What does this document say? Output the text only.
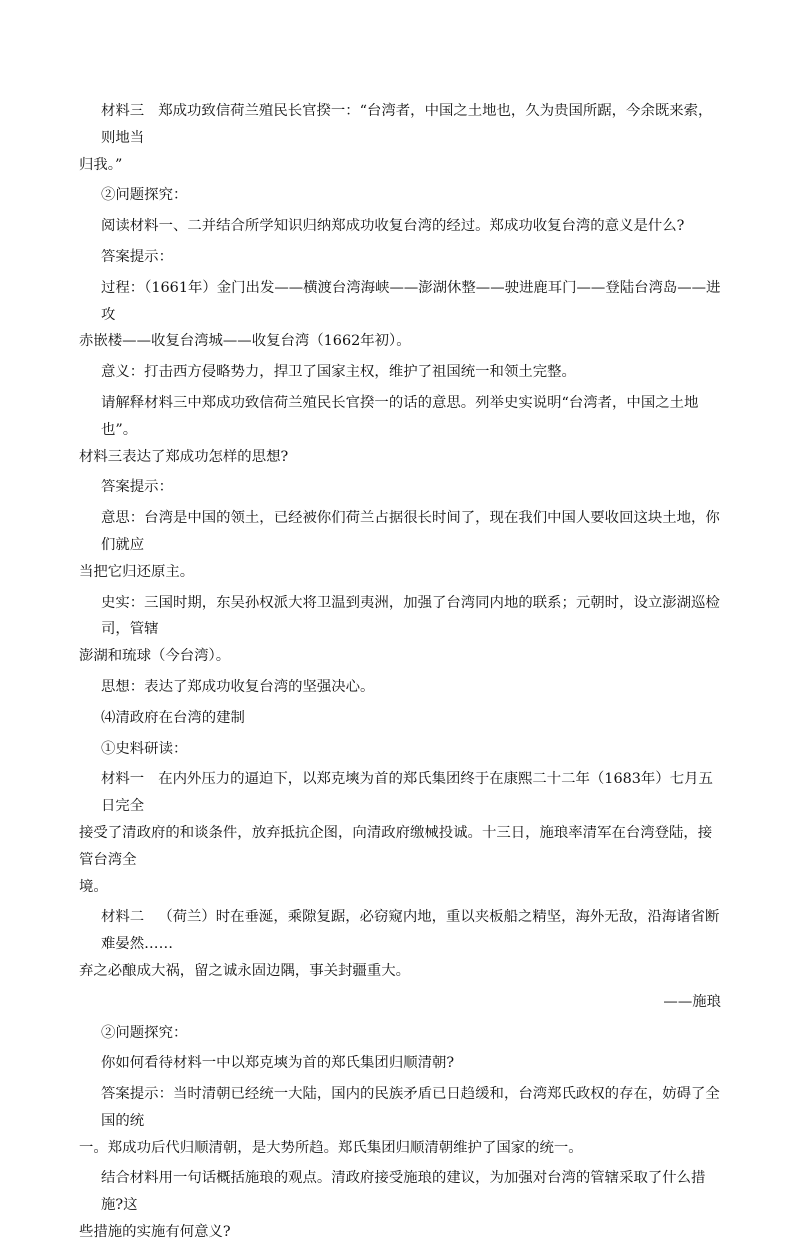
材料三 郑成功致信荷兰殖民长官揆一：“台湾者，中国之土地也，久为贵国所踞，今余既来索，则地当

归我。”

②问题探究：

阅读材料一、二并结合所学知识归纳郑成功收复台湾的经过。郑成功收复台湾的意义是什么?

答案提示：

过程：（1661年）金门出发——横渡台湾海峡——澎湖休整——驶进鹿耳门——登陆台湾岛——进攻

赤嵌楼——收复台湾城——收复台湾（1662年初）。

意义：打击西方侵略势力，捍卫了国家主权，维护了祖国统一和领土完整。

请解释材料三中郑成功致信荷兰殖民长官揆一的话的意思。列举史实说明“台湾者，中国之土地也”。

材料三表达了郑成功怎样的思想?

答案提示：

意思：台湾是中国的领土，已经被你们荷兰占据很长时间了，现在我们中国人要收回这块土地，你们就应

当把它归还原主。

史实：三国时期，东吴孙权派大将卫温到夷洲，加强了台湾同内地的联系；元朝时，设立澎湖巡检司，管辖

澎湖和琉球（今台湾）。

思想：表达了郑成功收复台湾的坚强决心。

⑷清政府在台湾的建制

①史料研读：

材料一 在内外压力的逼迫下，以郑克塽为首的郑氏集团终于在康熙二十二年（1683年）七月五日完全

接受了清政府的和谈条件，放弃抵抗企图，向清政府缴械投诚。十三日，施琅率清军在台湾登陆，接管台湾全

境。

材料二 （荷兰）时在垂涎，乘隙复踞，必窃窥内地，重以夹板船之精坚，海外无敌，沿海诸省断难晏然……

弃之必酿成大祸，留之诚永固边隅，事关封疆重大。

——施琅

②问题探究：

你如何看待材料一中以郑克塽为首的郑氏集团归顺清朝?

答案提示：当时清朝已经统一大陆，国内的民族矛盾已日趋缓和，台湾郑氏政权的存在，妨碍了全国的统

一。郑成功后代归顺清朝，是大势所趋。郑氏集团归顺清朝维护了国家的统一。

结合材料用一句话概括施琅的观点。清政府接受施琅的建议，为加强对台湾的管辖采取了什么措施?这

些措施的实施有何意义?
